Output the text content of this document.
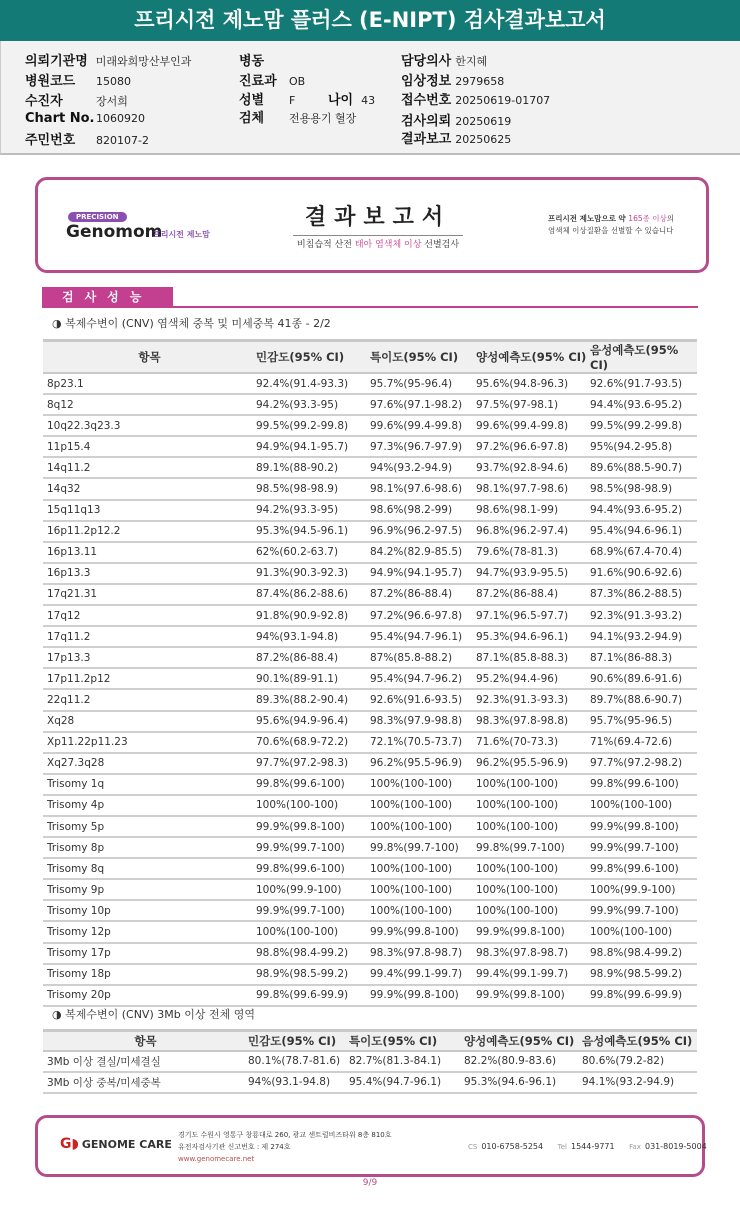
프리시전 제노맘 플러스 (E-NIPT) 검사결과보고서
의뢰기관명 미래와희망산부인과
병원코드 15080
수진자	장서희
Chart No. 1060920
주민번호 820107-2
병동
진료과 OB
성별 F	나이 43
검체 전용용기 혈장
담당의사 한지혜
임상정보 2979658
접수번호 20250619-01707
검사의뢰 20250619
결과보고 20250625
PRECISION
Genomom
프리시전 제노맘
결과보고서
비침습적 산전 태아 염색체 이상 선별검사
프리시전 제노맘으로 약 165종 이상의
염색체 이상질환을 선별할 수 있습니다
검사성능
◑ 복제수변이 (CNV) 염색체 중복 및 미세중복 41종 - 2/2
항목	민감도(95% CI)	특이도(95% CI)	양성예측도(95% CI)	음성예측도(95% CI)
8p23.1	92.4%(91.4-93.3)	95.7%(95-96.4)	95.6%(94.8-96.3)	92.6%(91.7-93.5)
8q12	94.2%(93.3-95)	97.6%(97.1-98.2)	97.5%(97-98.1)	94.4%(93.6-95.2)
10q22.3q23.3	99.5%(99.2-99.8)	99.6%(99.4-99.8)	99.6%(99.4-99.8)	99.5%(99.2-99.8)
11p15.4	94.9%(94.1-95.7)	97.3%(96.7-97.9)	97.2%(96.6-97.8)	95%(94.2-95.8)
14q11.2	89.1%(88-90.2)	94%(93.2-94.9)	93.7%(92.8-94.6)	89.6%(88.5-90.7)
14q32	98.5%(98-98.9)	98.1%(97.6-98.6)	98.1%(97.7-98.6)	98.5%(98-98.9)
15q11q13	94.2%(93.3-95)	98.6%(98.2-99)	98.6%(98.1-99)	94.4%(93.6-95.2)
16p11.2p12.2	95.3%(94.5-96.1)	96.9%(96.2-97.5)	96.8%(96.2-97.4)	95.4%(94.6-96.1)
16p13.11	62%(60.2-63.7)	84.2%(82.9-85.5)	79.6%(78-81.3)	68.9%(67.4-70.4)
16p13.3	91.3%(90.3-92.3)	94.9%(94.1-95.7)	94.7%(93.9-95.5)	91.6%(90.6-92.6)
17q21.31	87.4%(86.2-88.6)	87.2%(86-88.4)	87.2%(86-88.4)	87.3%(86.2-88.5)
17q12	91.8%(90.9-92.8)	97.2%(96.6-97.8)	97.1%(96.5-97.7)	92.3%(91.3-93.2)
17q11.2	94%(93.1-94.8)	95.4%(94.7-96.1)	95.3%(94.6-96.1)	94.1%(93.2-94.9)
17p13.3	87.2%(86-88.4)	87%(85.8-88.2)	87.1%(85.8-88.3)	87.1%(86-88.3)
17p11.2p12	90.1%(89-91.1)	95.4%(94.7-96.2)	95.2%(94.4-96)	90.6%(89.6-91.6)
22q11.2	89.3%(88.2-90.4)	92.6%(91.6-93.5)	92.3%(91.3-93.3)	89.7%(88.6-90.7)
Xq28	95.6%(94.9-96.4)	98.3%(97.9-98.8)	98.3%(97.8-98.8)	95.7%(95-96.5)
Xp11.22p11.23	70.6%(68.9-72.2)	72.1%(70.5-73.7)	71.6%(70-73.3)	71%(69.4-72.6)
Xq27.3q28	97.7%(97.2-98.3)	96.2%(95.5-96.9)	96.2%(95.5-96.9)	97.7%(97.2-98.2)
Trisomy 1q	99.8%(99.6-100)	100%(100-100)	100%(100-100)	99.8%(99.6-100)
Trisomy 4p	100%(100-100)	100%(100-100)	100%(100-100)	100%(100-100)
Trisomy 5p	99.9%(99.8-100)	100%(100-100)	100%(100-100)	99.9%(99.8-100)
Trisomy 8p	99.9%(99.7-100)	99.8%(99.7-100)	99.8%(99.7-100)	99.9%(99.7-100)
Trisomy 8q	99.8%(99.6-100)	100%(100-100)	100%(100-100)	99.8%(99.6-100)
Trisomy 9p	100%(99.9-100)	100%(100-100)	100%(100-100)	100%(99.9-100)
Trisomy 10p	99.9%(99.7-100)	100%(100-100)	100%(100-100)	99.9%(99.7-100)
Trisomy 12p	100%(100-100)	99.9%(99.8-100)	99.9%(99.8-100)	100%(100-100)
Trisomy 17p	98.8%(98.4-99.2)	98.3%(97.8-98.7)	98.3%(97.8-98.7)	98.8%(98.4-99.2)
Trisomy 18p	98.9%(98.5-99.2)	99.4%(99.1-99.7)	99.4%(99.1-99.7)	98.9%(98.5-99.2)
Trisomy 20p	99.8%(99.6-99.9)	99.9%(99.8-100)	99.9%(99.8-100)	99.8%(99.6-99.9)
◑ 복제수변이 (CNV) 3Mb 이상 전체 영역
항목	민감도(95% CI)	특이도(95% CI)	양성예측도(95% CI)	음성예측도(95% CI)
3Mb 이상 결실/미세결실	80.1%(78.7-81.6)	82.7%(81.3-84.1)	82.2%(80.9-83.6)	80.6%(79.2-82)
3Mb 이상 중복/미세중복	94%(93.1-94.8)	95.4%(94.7-96.1)	95.3%(94.6-96.1)	94.1%(93.2-94.9)
G◗ GENOME CARE
경기도 수원시 영통구 창룡대로 260, 광교 센트럴비즈타워 8층 810호
유전자검사기관 신고번호 : 제 274호
www.genomecare.net
CS 010-6758-5254 Tel 1544-9771 Fax 031-8019-5004
9/9
